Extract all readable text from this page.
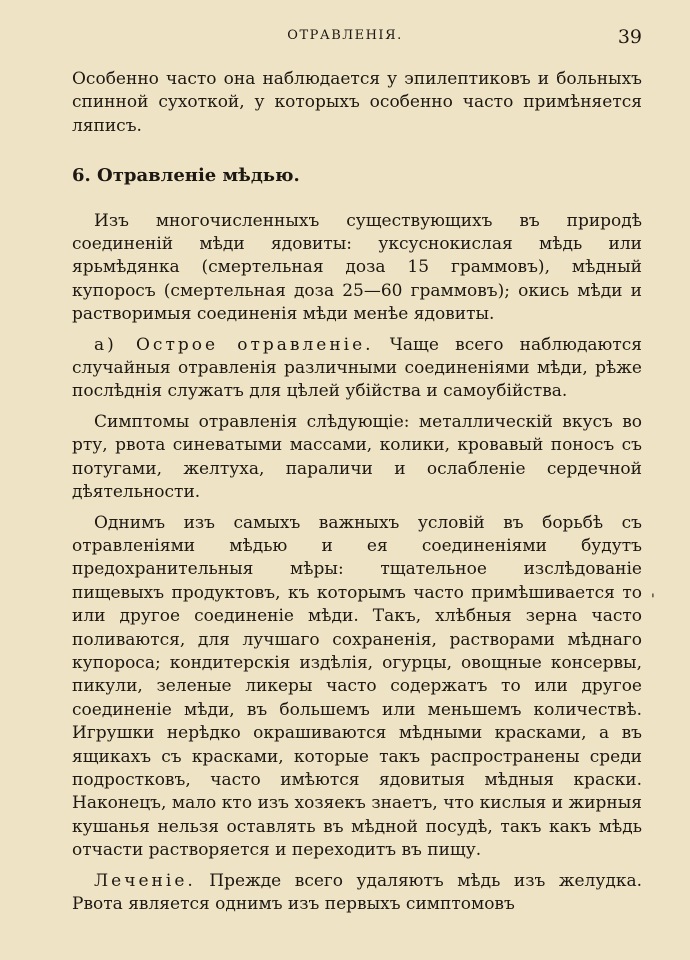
ОТРАВЛЕНІЯ.	39

Особенно часто она наблюдается у эпилептиковъ и больныхъ спинной сухоткой, у которыхъ особенно часто примѣняется ляписъ.

6. Отравленіе мѣдью.

Изъ многочисленныхъ существующихъ въ природѣ соединеній мѣди ядовиты: уксуснокислая мѣдь или ярьмѣдянка (смертельная доза 15 граммовъ), мѣдный купоросъ (смертельная доза 25—60 граммовъ); окись мѣди и растворимыя соединенія мѣди менѣе ядовиты.

а) Острое отравленіе. Чаще всего наблюдаются случайныя отравленія различными соединеніями мѣди, рѣже послѣднія служатъ для цѣлей убійства и самоубійства.

Симптомы отравленія слѣдующіе: металлическій вкусъ во рту, рвота синеватыми массами, колики, кровавый поносъ съ потугами, желтуха, параличи и ослабленіе сердечной дѣятельности.

Однимъ изъ самыхъ важныхъ условій въ борьбѣ съ отравленіями мѣдью и ея соединеніями будутъ предохранительныя мѣры: тщательное изслѣдованіе пищевыхъ продуктовъ, къ которымъ часто примѣшивается то или другое соединеніе мѣди. Такъ, хлѣбныя зерна часто поливаются, для лучшаго сохраненія, растворами мѣднаго купороса; кондитерскія издѣлія, огурцы, овощные консервы, пикули, зеленые ликеры часто содержатъ то или другое соединеніе мѣди, въ большемъ или меньшемъ количествѣ. Игрушки нерѣдко окрашиваются мѣдными красками, а въ ящикахъ съ красками, которые такъ распространены среди подростковъ, часто имѣются ядовитыя мѣдныя краски. Наконецъ, мало кто изъ хозяекъ знаетъ, что кислыя и жирныя кушанья нельзя оставлять въ мѣдной посудѣ, такъ какъ мѣдь отчасти растворяется и переходитъ въ пищу.

Леченіе. Прежде всего удаляютъ мѣдь изъ желудка. Рвота является однимъ изъ первыхъ симптомовъ

'
